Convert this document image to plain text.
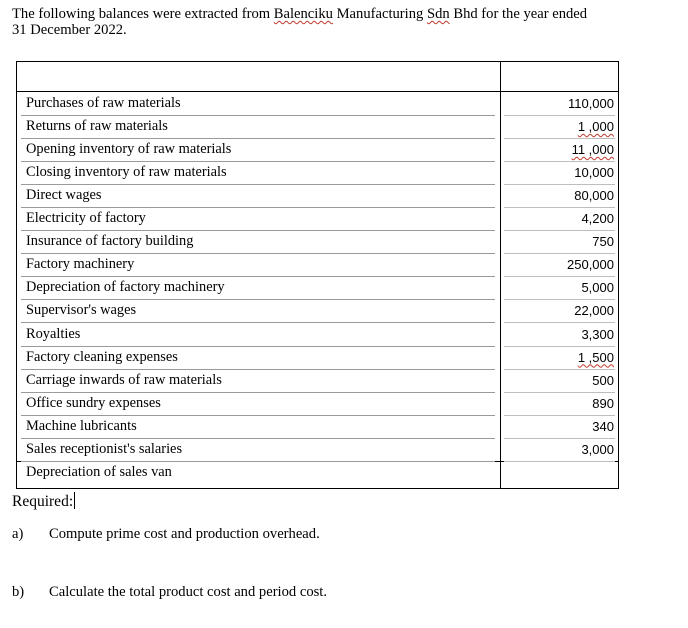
The following balances were extracted from Balenciku Manufacturing Sdn Bhd for the year ended
31 December 2022.
Purchases of raw materials	110,000
Returns of raw materials	1 ,000
Opening inventory of raw materials	11 ,000
Closing inventory of raw materials	10,000
Direct wages	80,000
Electricity of factory	4,200
Insurance of factory building	750
Factory machinery	250,000
Depreciation of factory machinery	5,000
Supervisor's wages	22,000
Royalties	3,300
Factory cleaning expenses	1 ,500
Carriage inwards of raw materials	500
Office sundry expenses	890
Machine lubricants	340
Sales receptionist's salaries	3,000
Depreciation of sales van
Required:
a) Compute prime cost and production overhead.
b) Calculate the total product cost and period cost.
